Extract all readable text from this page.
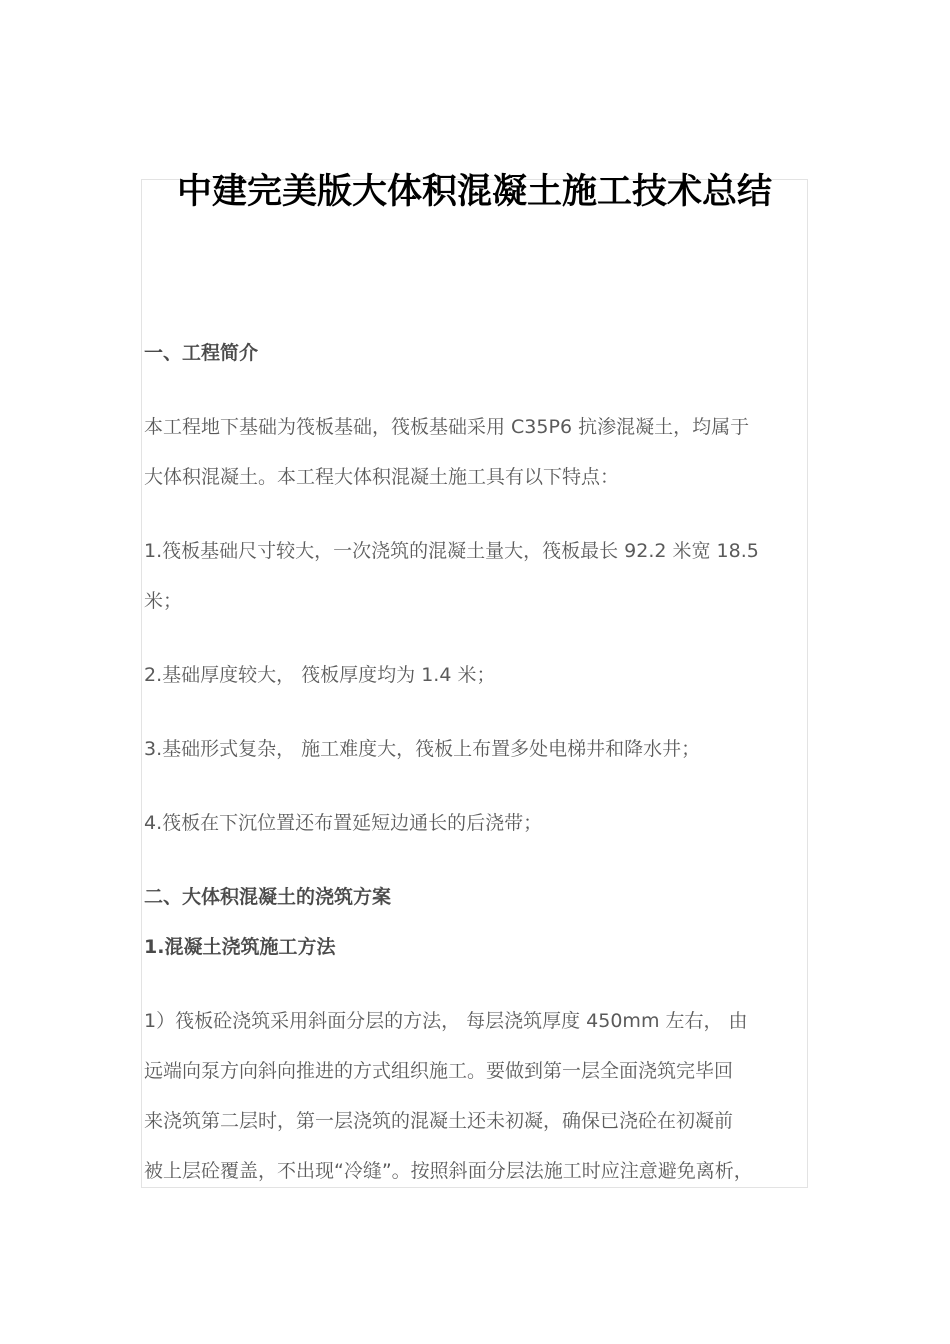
中建完美版大体积混凝土施工技术总结

一、工程简介

本工程地下基础为筏板基础，筏板基础采用 C35P6 抗渗混凝土，均属于

大体积混凝土。本工程大体积混凝土施工具有以下特点：

1.筏板基础尺寸较大，一次浇筑的混凝土量大，筏板最长 92.2 米宽 18.5

米；

2.基础厚度较大， 筏板厚度均为 1.4 米；

3.基础形式复杂， 施工难度大，筏板上布置多处电梯井和降水井；

4.筏板在下沉位置还布置延短边通长的后浇带；

二、大体积混凝土的浇筑方案

1.混凝土浇筑施工方法

1）筏板砼浇筑采用斜面分层的方法， 每层浇筑厚度 450mm 左右， 由

远端向泵方向斜向推进的方式组织施工。要做到第一层全面浇筑完毕回

来浇筑第二层时，第一层浇筑的混凝土还未初凝，确保已浇砼在初凝前

被上层砼覆盖，不出现“冷缝”。按照斜面分层法施工时应注意避免离析，
